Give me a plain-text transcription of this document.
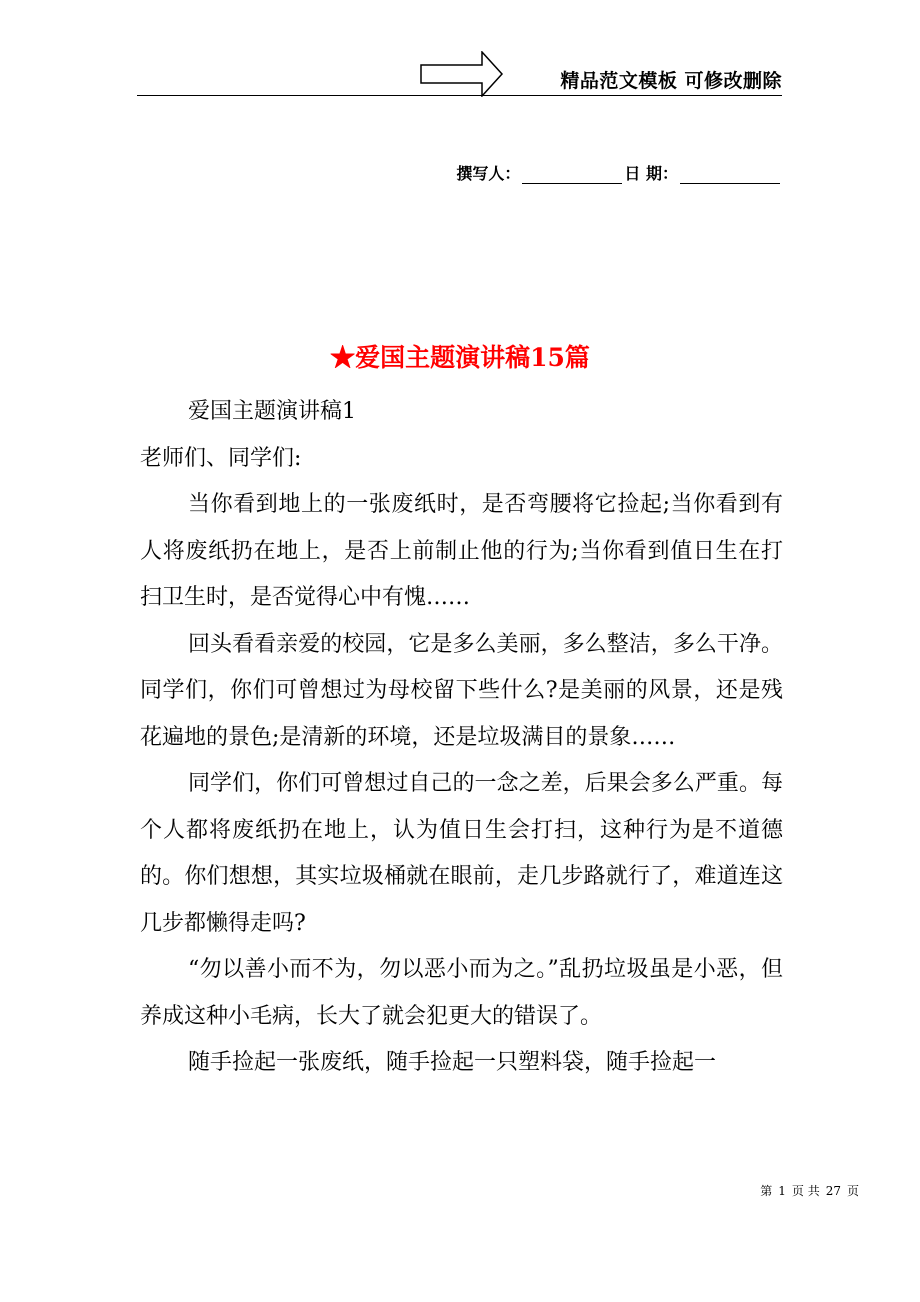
精品范文模板 可修改删除
撰写人：	日 期：
★爱国主题演讲稿15篇

爱国主题演讲稿1

老师们、同学们:

当你看到地上的一张废纸时，是否弯腰将它捡起;当你看到有人将废纸扔在地上，是否上前制止他的行为;当你看到值日生在打扫卫生时，是否觉得心中有愧……

回头看看亲爱的校园，它是多么美丽，多么整洁，多么干净。同学们，你们可曾想过为母校留下些什么?是美丽的风景，还是残花遍地的景色;是清新的环境，还是垃圾满目的景象……

同学们，你们可曾想过自己的一念之差，后果会多么严重。每个人都将废纸扔在地上，认为值日生会打扫，这种行为是不道德的。你们想想，其实垃圾桶就在眼前，走几步路就行了，难道连这几步都懒得走吗?

“勿以善小而不为，勿以恶小而为之。”乱扔垃圾虽是小恶，但养成这种小毛病，长大了就会犯更大的错误了。

随手捡起一张废纸，随手捡起一只塑料袋，随手捡起一

第 1 页 共 27 页
